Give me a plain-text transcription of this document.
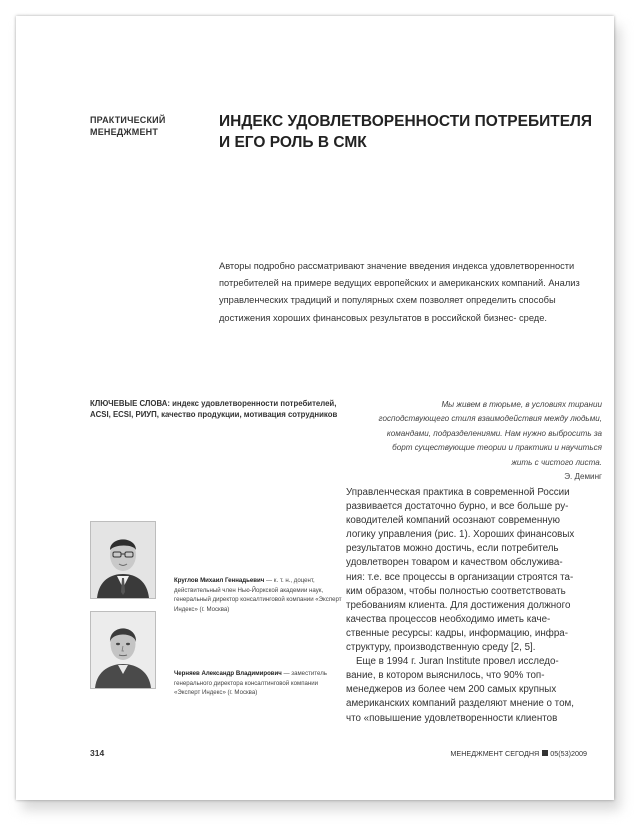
ПРАКТИЧЕСКИЙ
МЕНЕДЖМЕНТ
ИНДЕКС УДОВЛЕТВОРЕННОСТИ ПОТРЕБИТЕЛЯ
И ЕГО РОЛЬ В СМК
Авторы подробно рассматривают значение введения индекса удовлетворенности потребителей на примере ведущих европейских и американских компаний. Анализ управленческих традиций и популярных схем позволяет определить способы достижения хороших финансовых результатов в российской бизнес- среде.
КЛЮЧЕВЫЕ СЛОВА: индекс удовлетворенности потребителей, ACSI, ECSI, РИУП, качество продукции, мотивация сотрудников
Мы живем в тюрьме, в условиях тирании
господствующего стиля взаимодействия между людьми,
командами, подразделениями. Нам нужно выбросить за
борт существующие теории и практики и научиться
жить с чистого листа.
Э. Деминг
Управленческая практика в современной России
развивается достаточно бурно, и все больше ру-
ководителей компаний осознают современную
логику управления (рис. 1). Хороших финансовых
результатов можно достичь, если потребитель
удовлетворен товаром и качеством обслужива-
ния: т.е. все процессы в организации строятся та-
ким образом, чтобы полностью соответствовать
требованиям клиента. Для достижения должного
качества процессов необходимо иметь каче-
ственные ресурсы: кадры, информацию, инфра-
структуру, производственную среду [2, 5].
Еще в 1994 г. Juran Institute провел исследо-
вание, в котором выяснилось, что 90% топ-
менеджеров из более чем 200 самых крупных
американских компаний разделяют мнение о том,
что «повышение удовлетворенности клиентов
Круглов Михаил Геннадьевич — к. т. н., доцент, действительный член Нью-Йоркской академии наук, генеральный директор консалтинговой компании «Эксперт Индекс» (г. Москва)
Черняев Александр Владимирович — заместитель генерального директора консалтинговой компании «Эксперт Индекс» (г. Москва)
314	МЕНЕДЖМЕНТ СЕГОДНЯ 05(53)2009
